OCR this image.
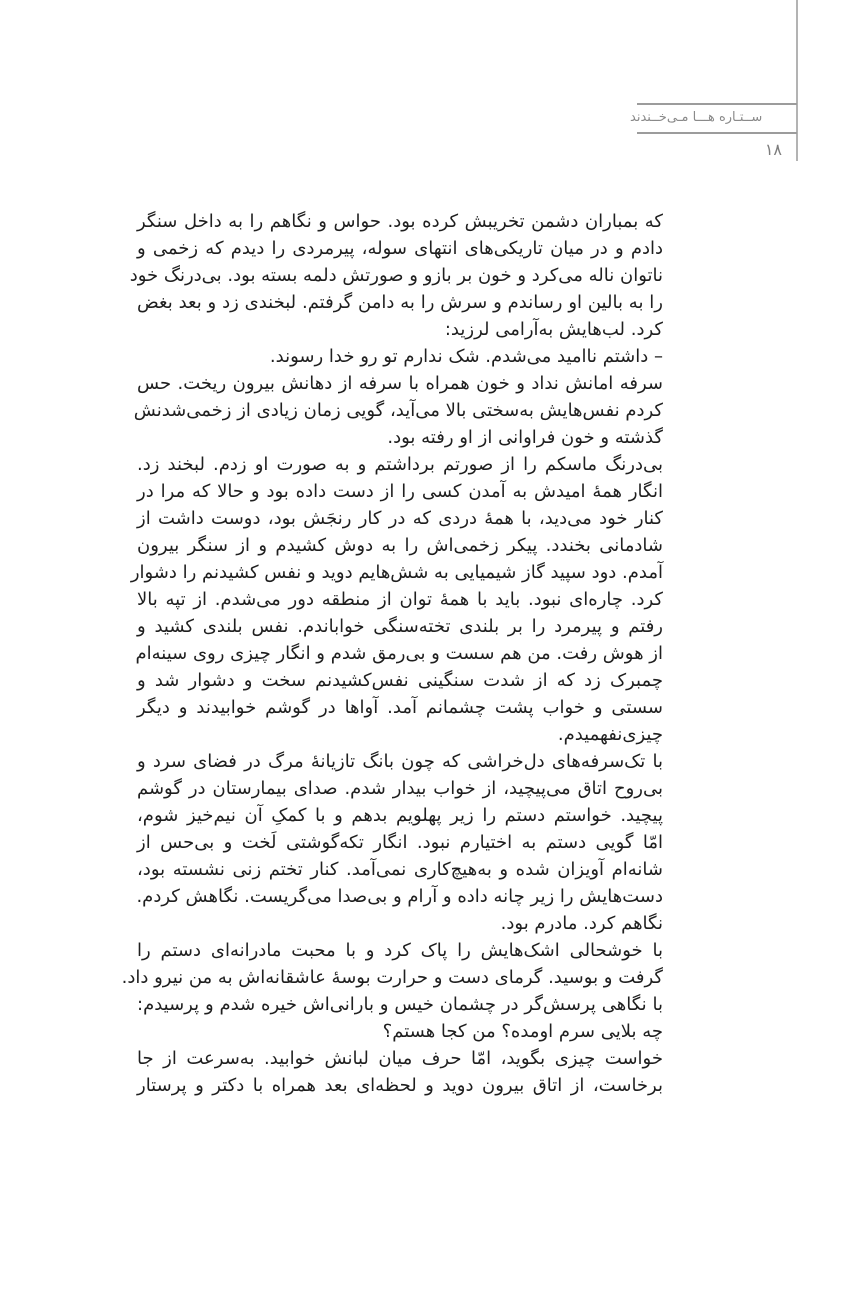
ســتـاره هـــا مـی‌خــندند
۱۸
که بمباران دشمن تخریبش کرده بود. حواس و نگاهم را به داخل سنگر
دادم و در میان تاریکی‌های انتهای سوله، پیرمردی را دیدم که زخمی و
ناتوان ناله می‌کرد و خون بر بازو و صورتش دلمه بسته بود. بی‌درنگ خود
را به بالین او رساندم و سرش را به دامن گرفتم. لبخندی زد و بعد بغض
کرد. لب‌هایش به‌آرامی لرزید:
– داشتم ناامید می‌شدم. شک ندارم تو رو خدا رسوند.
سرفه امانش نداد و خون همراه با سرفه از دهانش بیرون ریخت. حس
کردم نفس‌هایش به‌سختی بالا می‌آید، گویی زمان زیادی از زخمی‌شدنش
گذشته و خون فراوانی از او رفته بود.
بی‌درنگ ماسکم را از صورتم برداشتم و به صورت او زدم. لبخند زد.
انگار همهٔ امیدش به آمدن کسی را از دست داده بود و حالا که مرا در
کنار خود می‌دید، با همهٔ دردی که در کار رنجَش بود، دوست داشت از
شادمانی بخندد. پیکر زخمی‌اش را به دوش کشیدم و از سنگر بیرون
آمدم. دود سپید گاز شیمیایی به شش‌هایم دوید و نفس کشیدنم را دشوار
کرد. چاره‌ای نبود. باید با همهٔ توان از منطقه دور می‌شدم. از تپه بالا
رفتم و پیرمرد را بر بلندی تخته‌سنگی خواباندم. نفس بلندی کشید و
از هوش رفت. من هم سست و بی‌رمق شدم و انگار چیزی روی سینه‌ام
چمبرک زد که از شدت سنگینی نفس‌کشیدنم سخت و دشوار شد و
سستی و خواب پشت چشمانم آمد. آواها در گوشم خوابیدند و دیگر
چیزی‌نفهمیدم.
با تک‌سرفه‌های دل‌خراشی که چون بانگ تازیانهٔ مرگ در فضای سرد و
بی‌روح اتاق می‌پیچید، از خواب بیدار شدم. صدای بیمارستان در گوشم
پیچید. خواستم دستم را زیر پهلویم بدهم و با کمکِ آن نیم‌خیز شوم،
امّا گویی دستم به اختیارم نبود. انگار تکه‌گوشتی لَخت و بی‌حس از
شانه‌ام آویزان شده و به‌هیچ‌کاری نمی‌آمد. کنار تختم زنی نشسته بود،
دست‌هایش را زیر چانه داده و آرام و بی‌صدا می‌گریست. نگاهش کردم.
نگاهم کرد. مادرم بود.
با خوشحالی اشک‌هایش را پاک کرد و با محبت مادرانه‌ای دستم را
گرفت و بوسید. گرمای دست و حرارت بوسهٔ عاشقانه‌اش به من نیرو داد.
با نگاهی پرسش‌گر در چشمان خیس و بارانی‌اش خیره شدم و پرسیدم:
چه بلایی سرم اومده؟ من کجا هستم؟
خواست چیزی بگوید، امّا حرف میان لبانش خوابید. به‌سرعت از جا
برخاست، از اتاق بیرون دوید و لحظه‌ای بعد همراه با دکتر و پرستار
